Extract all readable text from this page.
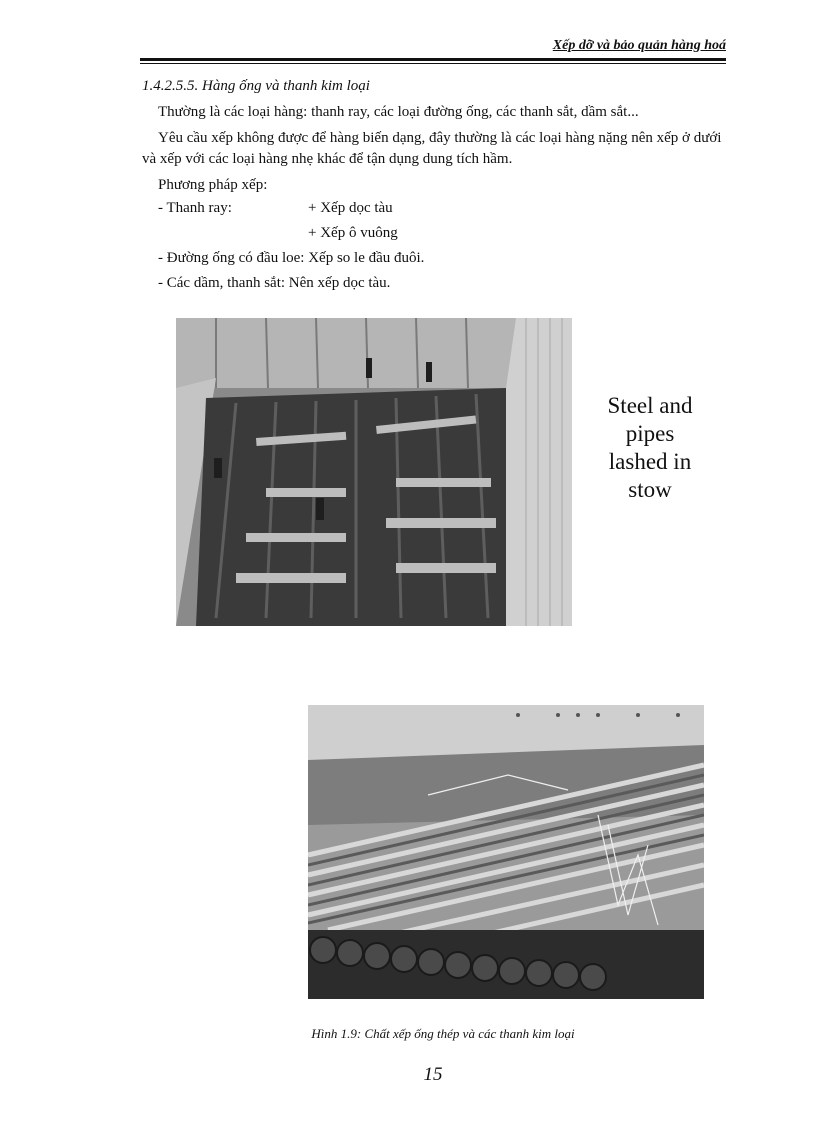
Xếp dỡ và bảo quản hàng hoá
1.4.2.5.5. Hàng ống và thanh kim loại
Thường là các loại hàng: thanh ray, các loại đường ống, các thanh sắt, dầm sắt...
Yêu cầu xếp không được để hàng biến dạng, đây thường là các loại hàng nặng nên xếp ở dưới và xếp với các loại hàng nhẹ khác để tận dụng dung tích hầm.
Phương pháp xếp:
- Thanh ray:	+ Xếp dọc tàu
+ Xếp ô vuông
- Đường ống có đầu loe: Xếp so le đầu đuôi.
- Các dầm, thanh sắt: Nên xếp dọc tàu.
Steel and
pipes
lashed in
stow
Hình 1.9: Chất xếp ống thép và các thanh kim loại
15
